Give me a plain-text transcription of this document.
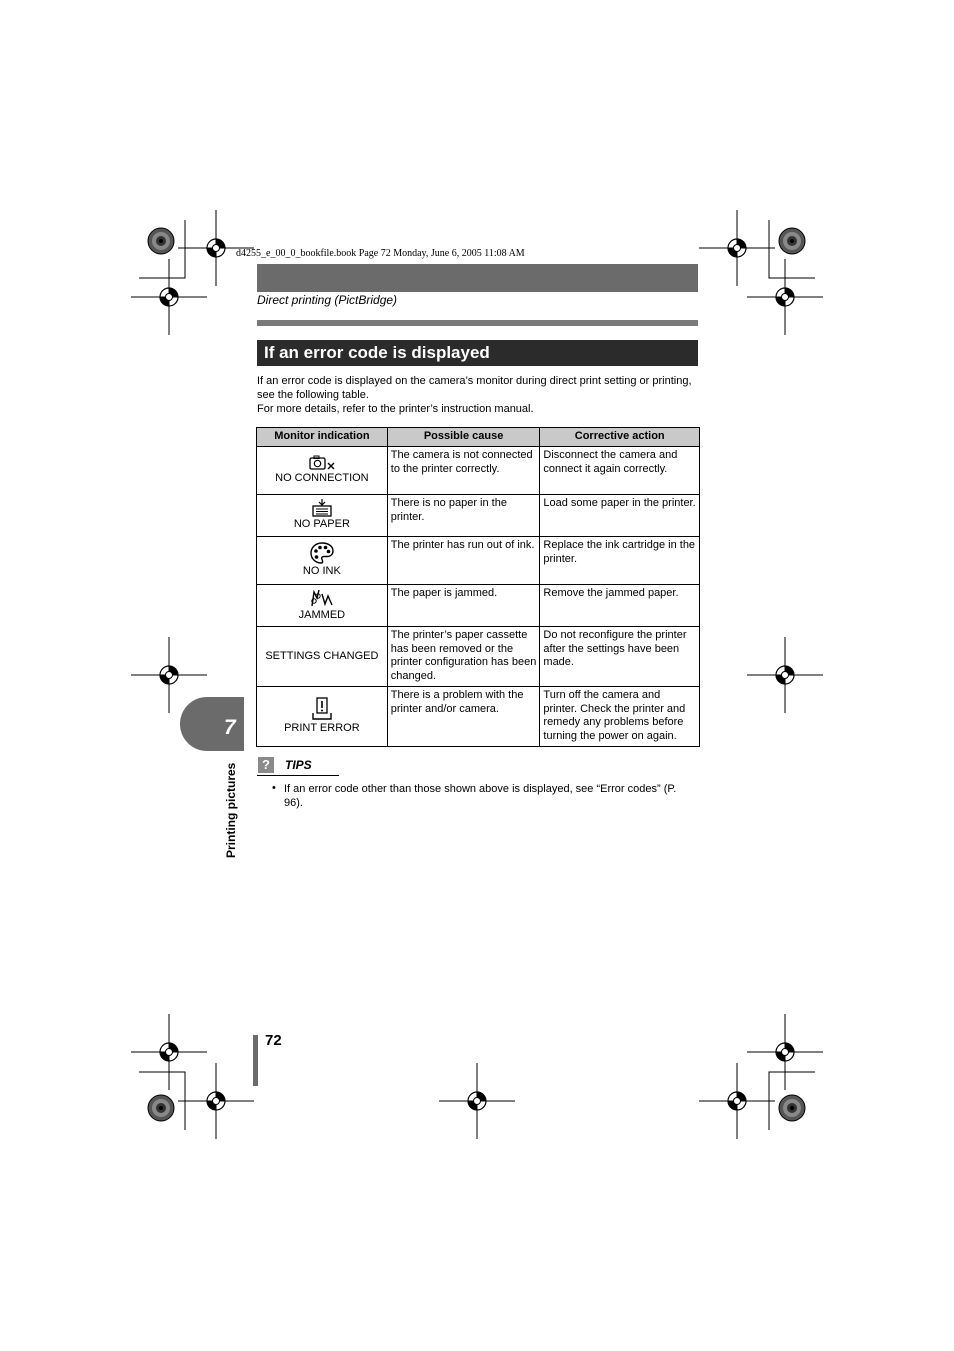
d4255_e_00_0_bookfile.book Page 72 Monday, June 6, 2005 11:08 AM
Direct printing (PictBridge)
If an error code is displayed
If an error code is displayed on the camera’s monitor during direct print setting or printing, see the following table.
For more details, refer to the printer’s instruction manual.
Monitor indication	Possible cause	Corrective action

NO CONNECTION	The camera is not connected to the printer correctly.	Disconnect the camera and connect it again correctly.

NO PAPER	There is no paper in the printer.	Load some paper in the printer.

NO INK	The printer has run out of ink.	Replace the ink cartridge in the printer.

JAMMED	The paper is jammed.	Remove the jammed paper.
SETTINGS CHANGED	The printer’s paper cassette has been removed or the printer configuration has been changed.	Do not reconfigure the printer after the settings have been made.

PRINT ERROR	There is a problem with the printer and/or camera.	Turn off the camera and printer. Check the printer and remedy any problems before turning the power on again.
7
Printing pictures	?	TIPS
• If an error code other than those shown above is displayed, see “Error codes” (P. 96).
72
